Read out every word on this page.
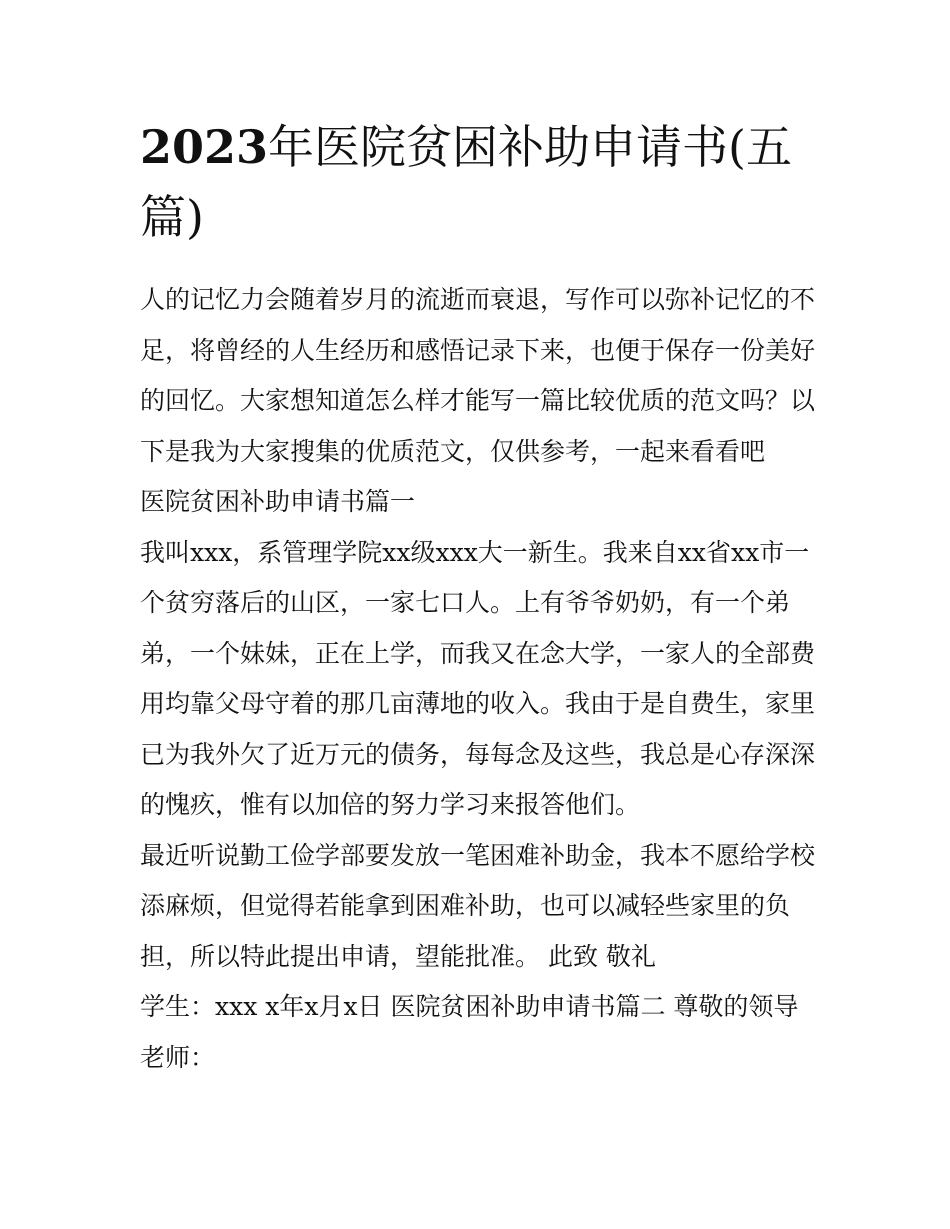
2023年医院贫困补助申请书(五篇)

人的记忆力会随着岁月的流逝而衰退，写作可以弥补记忆的不足，将曾经的人生经历和感悟记录下来，也便于保存一份美好的回忆。大家想知道怎么样才能写一篇比较优质的范文吗？以下是我为大家搜集的优质范文，仅供参考，一起来看看吧

医院贫困补助申请书篇一

我叫xxx，系管理学院xx级xxx大一新生。我来自xx省xx市一个贫穷落后的山区，一家七口人。上有爷爷奶奶，有一个弟弟，一个妹妹，正在上学，而我又在念大学，一家人的全部费用均靠父母守着的那几亩薄地的收入。我由于是自费生，家里已为我外欠了近万元的债务，每每念及这些，我总是心存深深的愧疚，惟有以加倍的努力学习来报答他们。

最近听说勤工俭学部要发放一笔困难补助金，我本不愿给学校添麻烦，但觉得若能拿到困难补助，也可以减轻些家里的负担，所以特此提出申请，望能批准。 此致 敬礼

学生：xxx x年x月x日 医院贫困补助申请书篇二 尊敬的领导老师：
